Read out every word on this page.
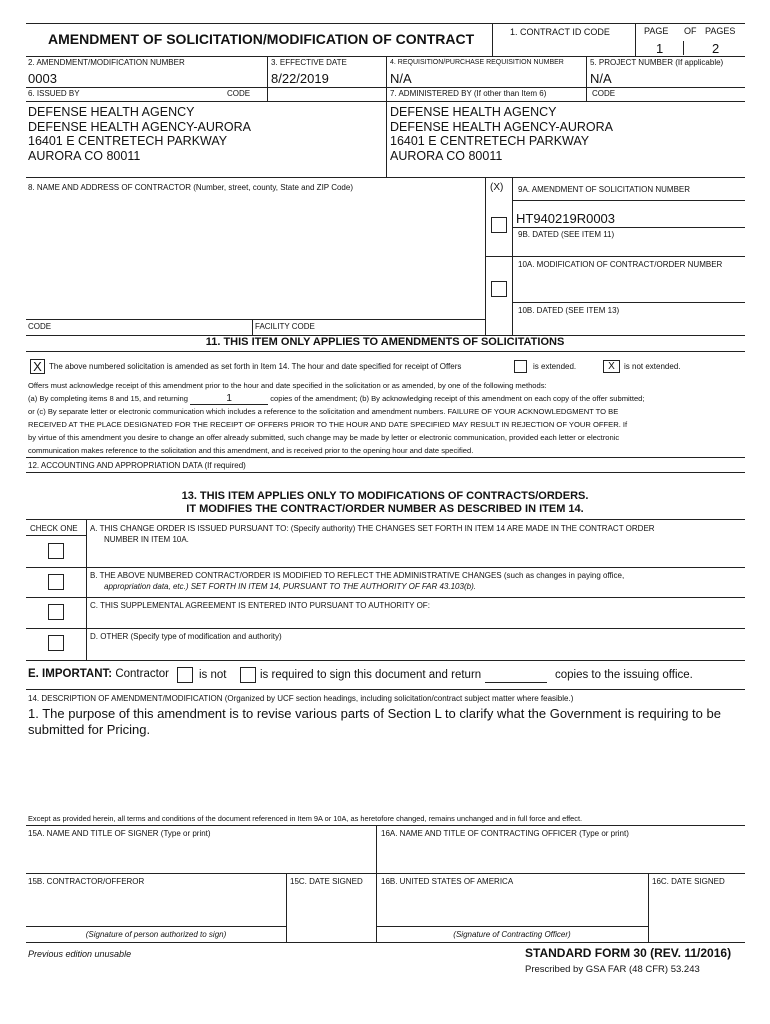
AMENDMENT OF SOLICITATION/MODIFICATION OF CONTRACT	1. CONTRACT ID CODE	PAGE OF PAGES
1	2
2. AMENDMENT/MODIFICATION NUMBER
0003
3. EFFECTIVE DATE
8/22/2019
4. REQUISITION/PURCHASE REQUISITION NUMBER
N/A
5. PROJECT NUMBER (If applicable)
N/A
6. ISSUED BY	CODE	7. ADMINISTERED BY (If other than Item 6)	CODE
DEFENSE HEALTH AGENCY
DEFENSE HEALTH AGENCY-AURORA
16401 E CENTRETECH PARKWAY
AURORA CO 80011
DEFENSE HEALTH AGENCY
DEFENSE HEALTH AGENCY-AURORA
16401 E CENTRETECH PARKWAY
AURORA CO 80011
8. NAME AND ADDRESS OF CONTRACTOR (Number, street, county, State and ZIP Code)	(X) 9A. AMENDMENT OF SOLICITATION NUMBER
HT940219R0003
9B. DATED (SEE ITEM 11)
10A. MODIFICATION OF CONTRACT/ORDER NUMBER
10B. DATED (SEE ITEM 13)
CODE	FACILITY CODE
11. THIS ITEM ONLY APPLIES TO AMENDMENTS OF SOLICITATIONS
X The above numbered solicitation is amended as set forth in Item 14. The hour and date specified for receipt of Offers	is extended.	X	is not extended.
Offers must acknowledge receipt of this amendment prior to the hour and date specified in the solicitation or as amended, by one of the following methods:
(a) By completing items 8 and 15, and returning	1	copies of the amendment; (b) By acknowledging receipt of this amendment on each copy of the offer submitted;
or (c) By separate letter or electronic communication which includes a reference to the solicitation and amendment numbers. FAILURE OF YOUR ACKNOWLEDGMENT TO BE
RECEIVED AT THE PLACE DESIGNATED FOR THE RECEIPT OF OFFERS PRIOR TO THE HOUR AND DATE SPECIFIED MAY RESULT IN REJECTION OF YOUR OFFER. If
by virtue of this amendment you desire to change an offer already submitted, such change may be made by letter or electronic communication, provided each letter or electronic
communication makes reference to the solicitation and this amendment, and is received prior to the opening hour and date specified.
12. ACCOUNTING AND APPROPRIATION DATA (If required)
13. THIS ITEM APPLIES ONLY TO MODIFICATIONS OF CONTRACTS/ORDERS.
IT MODIFIES THE CONTRACT/ORDER NUMBER AS DESCRIBED IN ITEM 14.
CHECK ONE A. THIS CHANGE ORDER IS ISSUED PURSUANT TO: (Specify authority) THE CHANGES SET FORTH IN ITEM 14 ARE MADE IN THE CONTRACT ORDER
NUMBER IN ITEM 10A.
B. THE ABOVE NUMBERED CONTRACT/ORDER IS MODIFIED TO REFLECT THE ADMINISTRATIVE CHANGES (such as changes in paying office,
appropriation data, etc.) SET FORTH IN ITEM 14, PURSUANT TO THE AUTHORITY OF FAR 43.103(b).
C. THIS SUPPLEMENTAL AGREEMENT IS ENTERED INTO PURSUANT TO AUTHORITY OF:
D. OTHER (Specify type of modification and authority)
E. IMPORTANT: Contractor	is not	is required to sign this document and return	copies to the issuing office.
14. DESCRIPTION OF AMENDMENT/MODIFICATION (Organized by UCF section headings, including solicitation/contract subject matter where feasible.)
1. The purpose of this amendment is to revise various parts of Section L to clarify what the Government is requiring to be
submitted for Pricing.
Except as provided herein, all terms and conditions of the document referenced in Item 9A or 10A, as heretofore changed, remains unchanged and in full force and effect.
15A. NAME AND TITLE OF SIGNER (Type or print)	16A. NAME AND TITLE OF CONTRACTING OFFICER (Type or print)
15B. CONTRACTOR/OFFEROR	15C. DATE SIGNED 16B. UNITED STATES OF AMERICA	16C. DATE SIGNED
(Signature of person authorized to sign)	(Signature of Contracting Officer)
Previous edition unusable	STANDARD FORM 30 (REV. 11/2016)
Prescribed by GSA FAR (48 CFR) 53.243
